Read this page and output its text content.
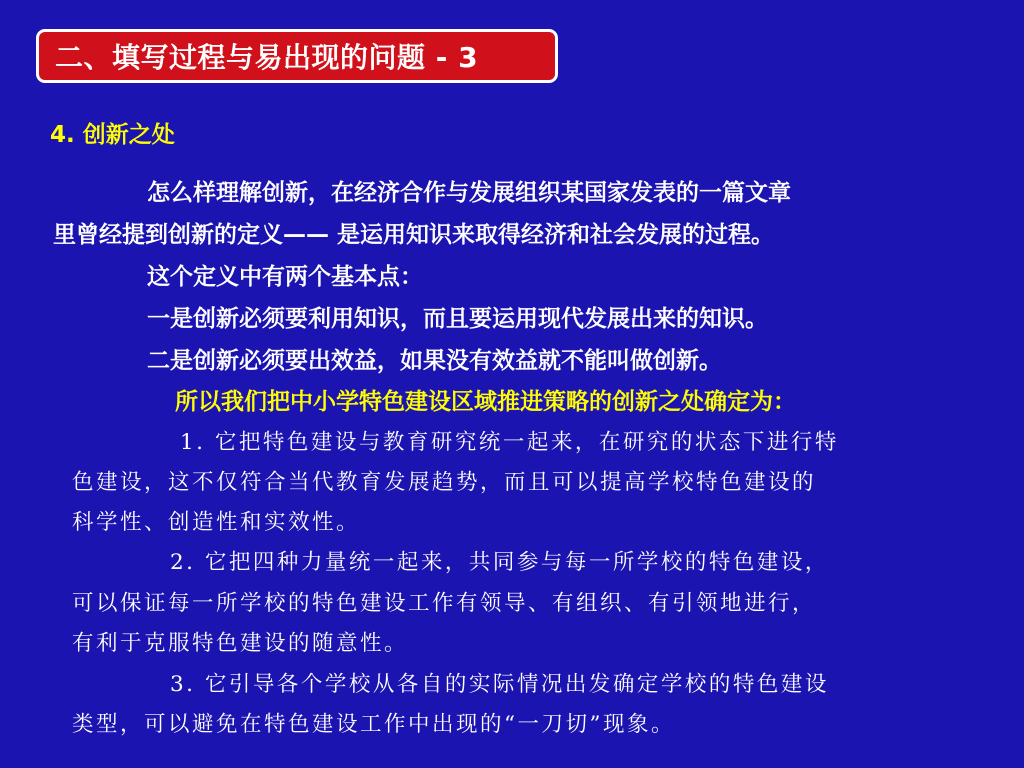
二、填写过程与易出现的问题 - 3
4. 创新之处
怎么样理解创新，在经济合作与发展组织某国家发表的一篇文章
里曾经提到创新的定义—— 是运用知识来取得经济和社会发展的过程。
这个定义中有两个基本点：
一是创新必须要利用知识，而且要运用现代发展出来的知识。
二是创新必须要出效益，如果没有效益就不能叫做创新。
所以我们把中小学特色建设区域推进策略的创新之处确定为：
1. 它把特色建设与教育研究统一起来，在研究的状态下进行特
色建设，这不仅符合当代教育发展趋势，而且可以提高学校特色建设的
科学性、创造性和实效性。
2. 它把四种力量统一起来，共同参与每一所学校的特色建设，
可以保证每一所学校的特色建设工作有领导、有组织、有引领地进行，
有利于克服特色建设的随意性。
3. 它引导各个学校从各自的实际情况出发确定学校的特色建设
类型，可以避免在特色建设工作中出现的“一刀切”现象。
